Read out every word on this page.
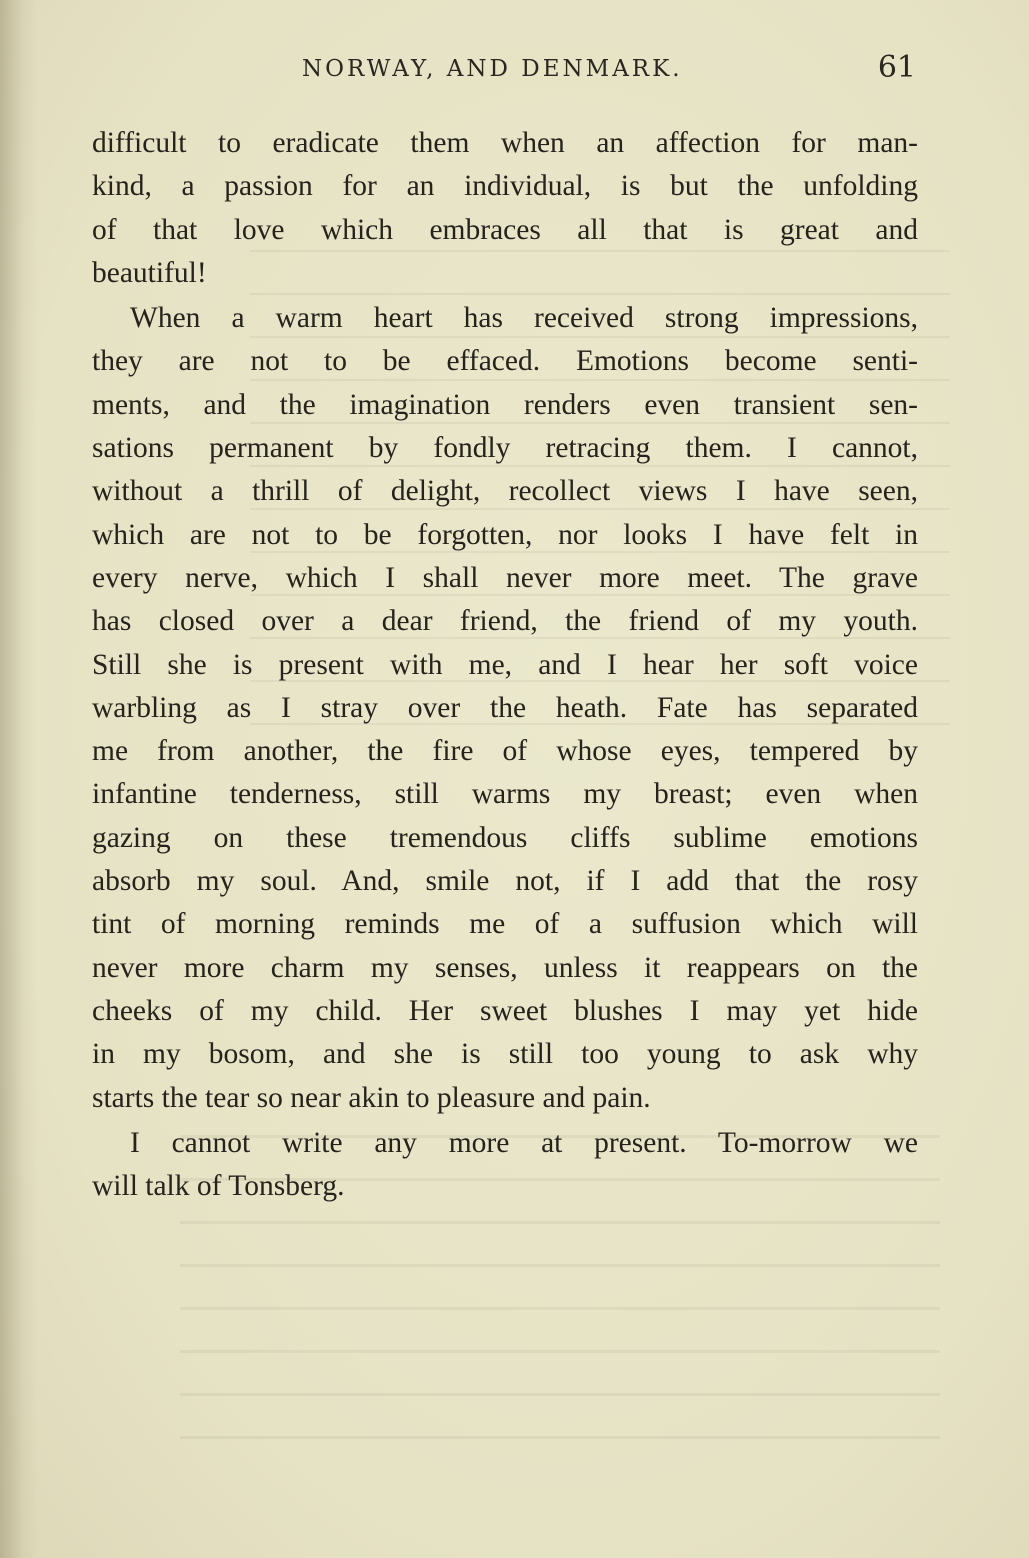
NORWAY, AND DENMARK.	61
difficult to eradicate them when an affection for man-
kind, a passion for an individual, is but the unfolding
of that love which embraces all that is great and
beautiful!
When a warm heart has received strong impressions,
they are not to be effaced. Emotions become senti-
ments, and the imagination renders even transient sen-
sations permanent by fondly retracing them. I cannot,
without a thrill of delight, recollect views I have seen,
which are not to be forgotten, nor looks I have felt in
every nerve, which I shall never more meet. The grave
has closed over a dear friend, the friend of my youth.
Still she is present with me, and I hear her soft voice
warbling as I stray over the heath. Fate has separated
me from another, the fire of whose eyes, tempered by
infantine tenderness, still warms my breast; even when
gazing on these tremendous cliffs sublime emotions
absorb my soul. And, smile not, if I add that the rosy
tint of morning reminds me of a suffusion which will
never more charm my senses, unless it reappears on the
cheeks of my child. Her sweet blushes I may yet hide
in my bosom, and she is still too young to ask why
starts the tear so near akin to pleasure and pain.
I cannot write any more at present. To-morrow we
will talk of Tonsberg.
